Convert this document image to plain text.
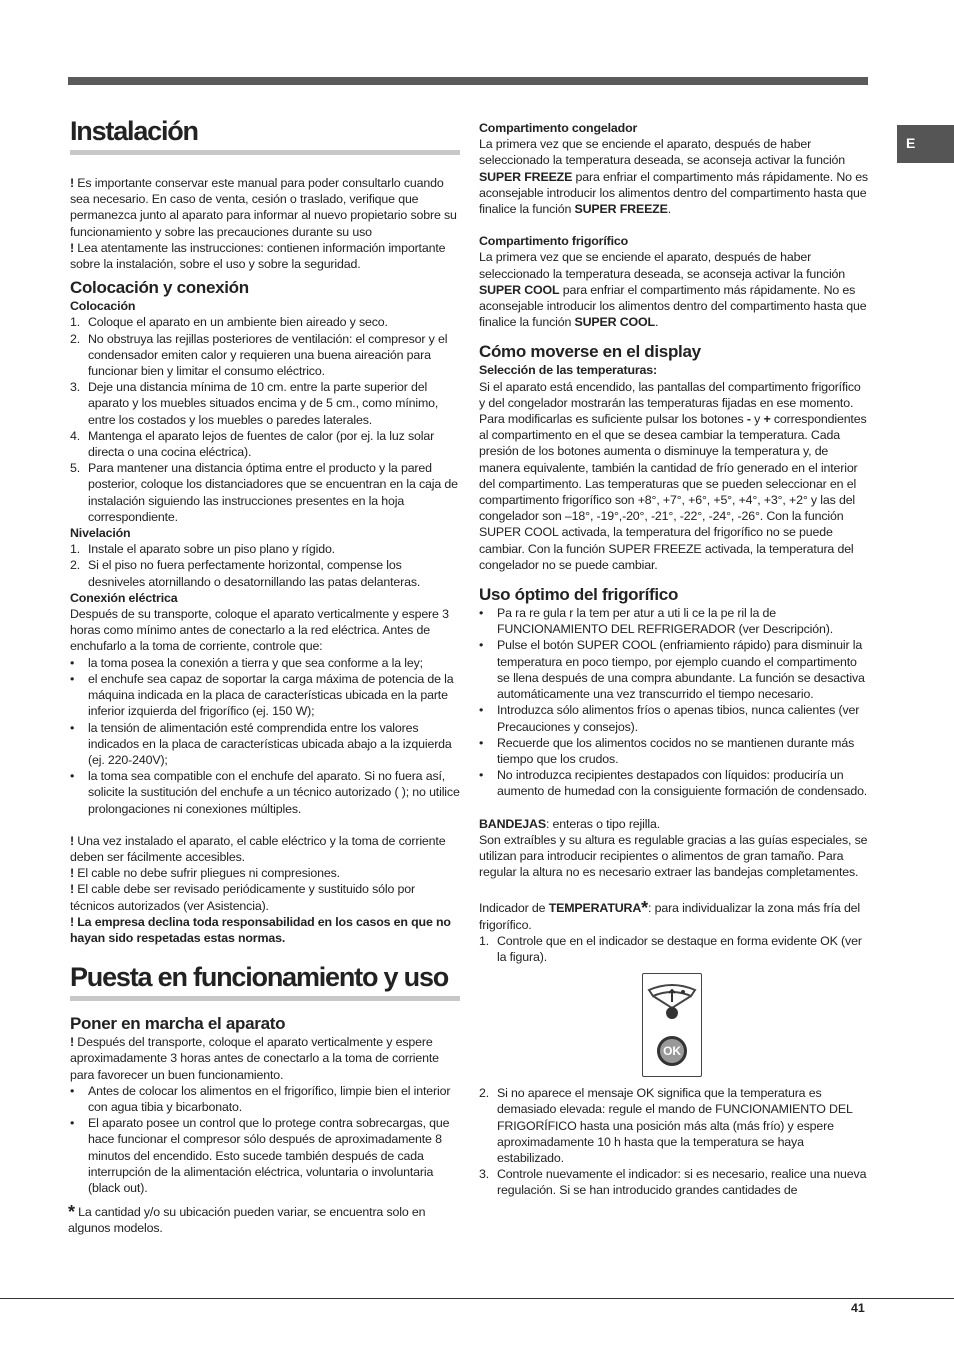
E
Instalación

! Es importante conservar este manual para poder consultarlo cuando sea necesario. En caso de venta, cesión o traslado, verifique que permanezca junto al aparato para informar al nuevo propietario sobre su funcionamiento y sobre las precauciones durante su uso

! Lea atentamente las instrucciones: contienen información importante sobre la instalación, sobre el uso y sobre la seguridad.

Colocación y conexión
Colocación
1. Coloque el aparato en un ambiente bien aireado y seco.
2. No obstruya las rejillas posteriores de ventilación: el compresor y el condensador emiten calor y requieren una buena aireación para funcionar bien y limitar el consumo eléctrico.
3. Deje una distancia mínima de 10 cm. entre la parte superior del aparato y los muebles situados encima y de 5 cm., como mínimo, entre los costados y los muebles o paredes laterales.
4. Mantenga el aparato lejos de fuentes de calor (por ej. la luz solar directa o una cocina eléctrica).
5. Para mantener una distancia óptima entre el producto y la pared posterior, coloque los distanciadores que se encuentran en la caja de instalación siguiendo las instrucciones presentes en la hoja correspondiente.
Nivelación
1. Instale el aparato sobre un piso plano y rígido.
2. Si el piso no fuera perfectamente horizontal, compense los desniveles atornillando o desatornillando las patas delanteras.
Conexión eléctrica

Después de su transporte, coloque el aparato verticalmente y espere 3 horas como mínimo antes de conectarlo a la red eléctrica. Antes de enchufarlo a la toma de corriente, controle que:

• la toma posea la conexión a tierra y que sea conforme a la ley;
• el enchufe sea capaz de soportar la carga máxima de potencia de la máquina indicada en la placa de características ubicada en la parte inferior izquierda del frigorífico (ej. 150 W);
• la tensión de alimentación esté comprendida entre los valores indicados en la placa de características ubicada abajo a la izquierda (ej. 220-240V);
• la toma sea compatible con el enchufe del aparato. Si no fuera así, solicite la sustitución del enchufe a un técnico autorizado ( ); no utilice prolongaciones ni conexiones múltiples.

! Una vez instalado el aparato, el cable eléctrico y la toma de corriente deben ser fácilmente accesibles.

! El cable no debe sufrir pliegues ni compresiones.

! El cable debe ser revisado periódicamente y sustituido sólo por técnicos autorizados (ver Asistencia).

! La empresa declina toda responsabilidad en los casos en que no hayan sido respetadas estas normas.

Puesta en funcionamiento y uso
Poner en marcha el aparato

! Después del transporte, coloque el aparato verticalmente y espere aproximadamente 3 horas antes de conectarlo a la toma de corriente para favorecer un buen funcionamiento.

• Antes de colocar los alimentos en el frigorífico, limpie bien el interior con agua tibia y bicarbonato.
• El aparato posee un control que lo protege contra sobrecargas, que hace funcionar el compresor sólo después de aproximadamente 8 minutos del encendido. Esto sucede también después de cada interrupción de la alimentación eléctrica, voluntaria o involuntaria (black out).

* La cantidad y/o su ubicación pueden variar, se encuentra solo en algunos modelos.

Compartimento congelador

La primera vez que se enciende el aparato, después de haber seleccionado la temperatura deseada, se aconseja activar la función SUPER FREEZE para enfriar el compartimento más rápidamente. No es aconsejable introducir los alimentos dentro del compartimento hasta que finalice la función SUPER FREEZE.

Compartimento frigorífico

La primera vez que se enciende el aparato, después de haber seleccionado la temperatura deseada, se aconseja activar la función SUPER COOL para enfriar el compartimento más rápidamente. No es aconsejable introducir los alimentos dentro del compartimento hasta que finalice la función SUPER COOL.

Cómo moverse en el display
Selección de las temperaturas:

Si el aparato está encendido, las pantallas del compartimento frigorífico y del congelador mostrarán las temperaturas fijadas en ese momento. Para modificarlas es suficiente pulsar los botones - y + correspondientes al compartimento en el que se desea cambiar la temperatura. Cada presión de los botones aumenta o disminuye la temperatura y, de manera equivalente, también la cantidad de frío generado en el interior del compartimento. Las temperaturas que se pueden seleccionar en el compartimento frigorífico son +8°, +7°, +6°, +5°, +4°, +3°, +2° y las del congelador son –18°, -19°,-20°, -21°, -22°, -24°, -26°. Con la función SUPER COOL activada, la temperatura del frigorífico no se puede cambiar. Con la función SUPER FREEZE activada, la temperatura del congelador no se puede cambiar.

Uso óptimo del frigorífico
• Pa ra re gula r la tem per atur a uti li ce la pe ril la de FUNCIONAMIENTO DEL REFRIGERADOR (ver Descripción).
• Pulse el botón SUPER COOL (enfriamiento rápido) para disminuir la temperatura en poco tiempo, por ejemplo cuando el compartimento se llena después de una compra abundante. La función se desactiva automáticamente una vez transcurrido el tiempo necesario.
• Introduzca sólo alimentos fríos o apenas tibios, nunca calientes (ver Precauciones y consejos).
• Recuerde que los alimentos cocidos no se mantienen durante más tiempo que los crudos.
• No introduzca recipientes destapados con líquidos: produciría un aumento de humedad con la consiguiente formación de condensado.

BANDEJAS: enteras o tipo rejilla.

Son extraíbles y su altura es regulable gracias a las guías especiales, se utilizan para introducir recipientes o alimentos de gran tamaño. Para regular la altura no es necesario extraer las bandejas completamentes.

Indicador de TEMPERATURA*: para individualizar la zona más fría del frigorífico.

1. Controle que en el indicador se destaque en forma evidente OK (ver la figura).
OK
2. Si no aparece el mensaje OK significa que la temperatura es demasiado elevada: regule el mando de FUNCIONAMIENTO DEL FRIGORÍFICO hasta una posición más alta (más frío) y espere aproximadamente 10 h hasta que la temperatura se haya estabilizado.
3. Controle nuevamente el indicador: si es necesario, realice una nueva regulación. Si se han introducido grandes cantidades de
41
